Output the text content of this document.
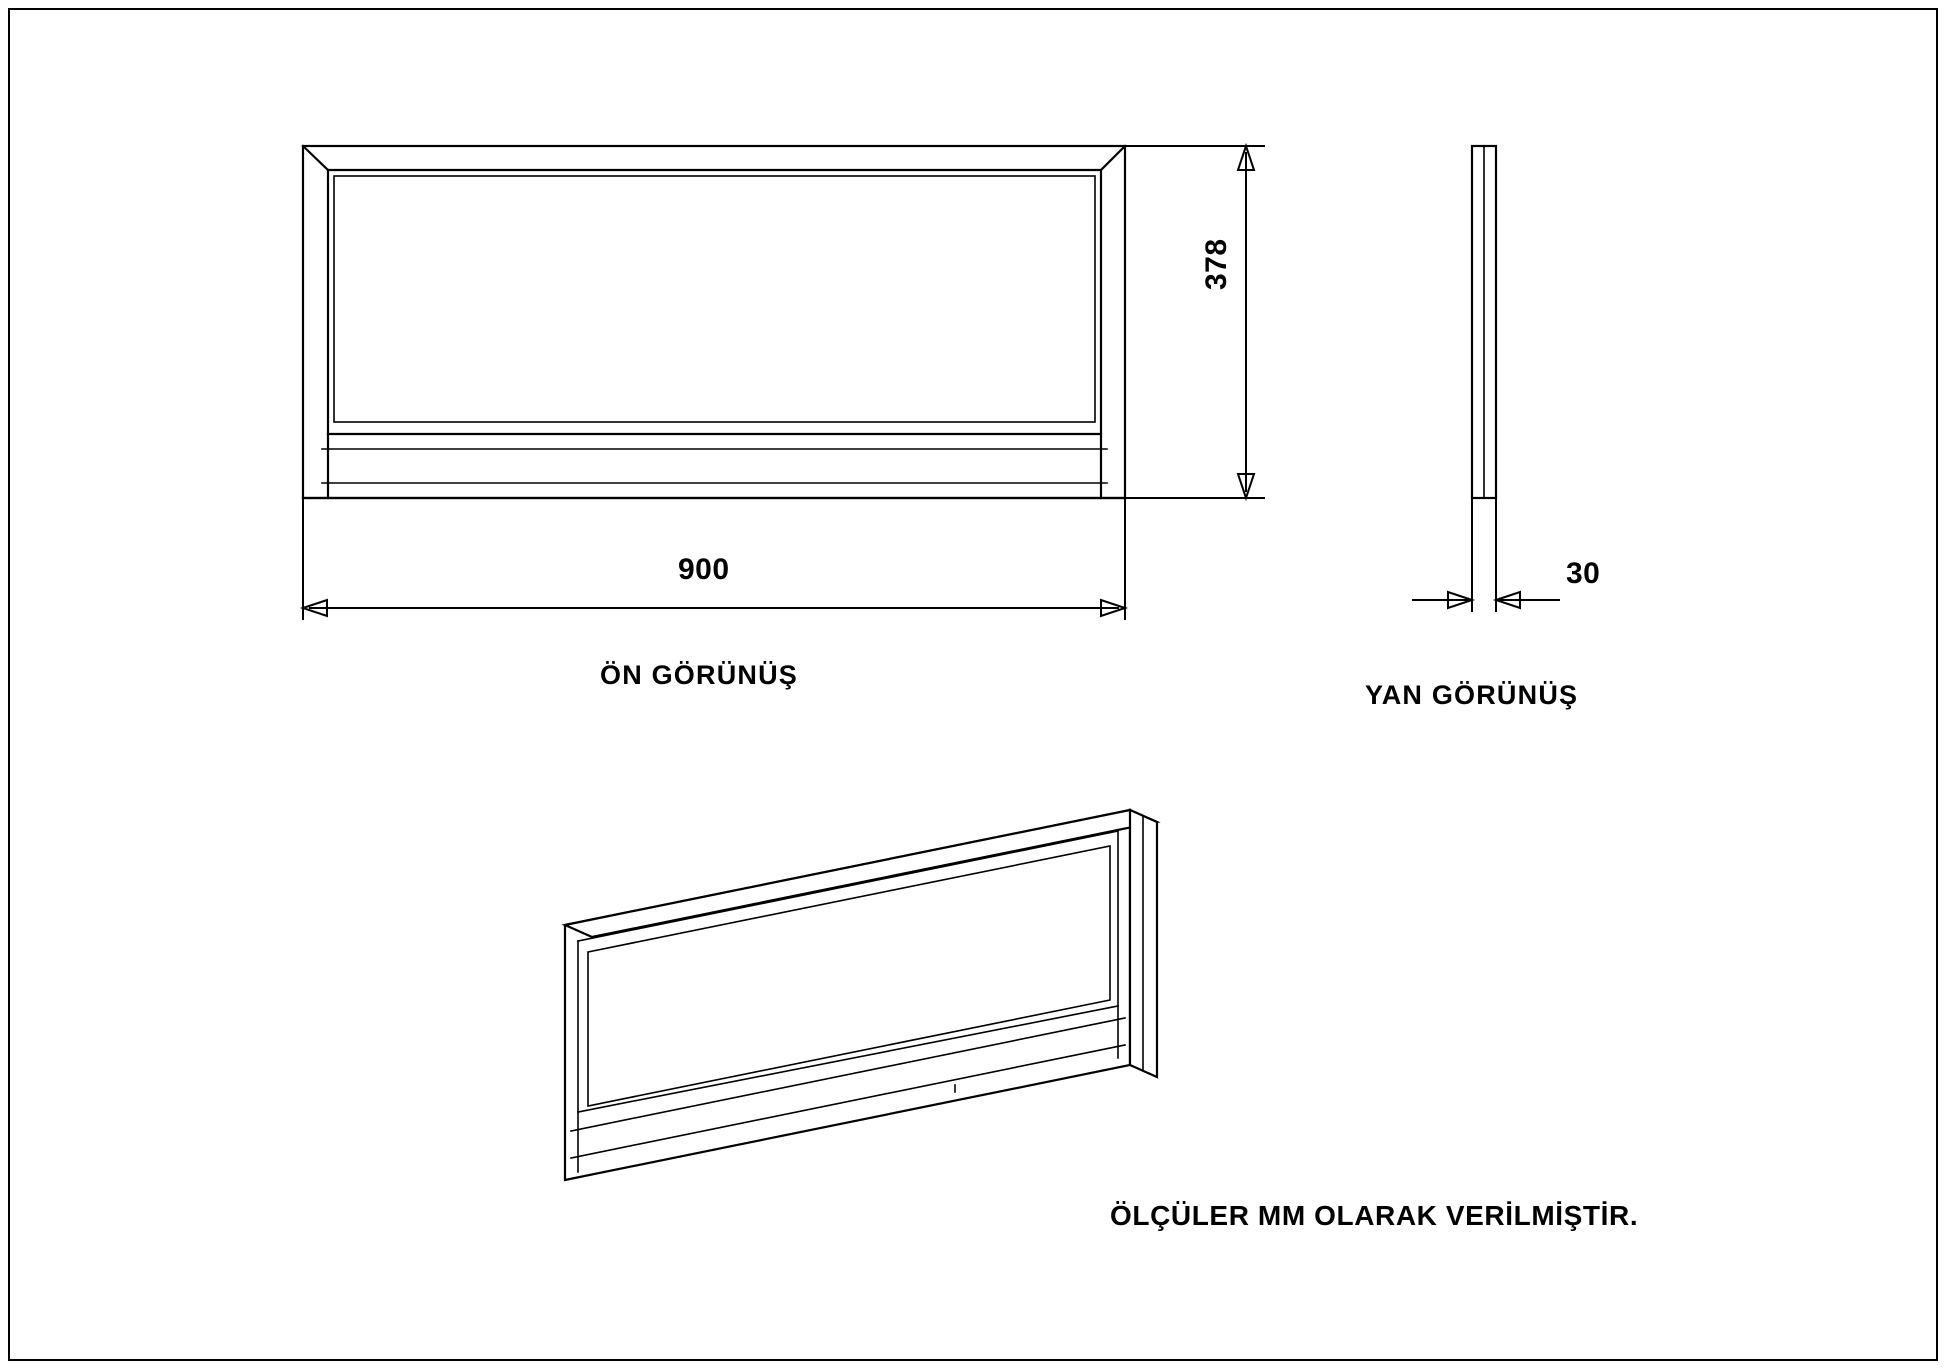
378
900	30
ÖN GÖRÜNÜŞ
YAN GÖRÜNÜŞ
ÖLÇÜLER MM OLARAK VERİLMİŞTİR.
